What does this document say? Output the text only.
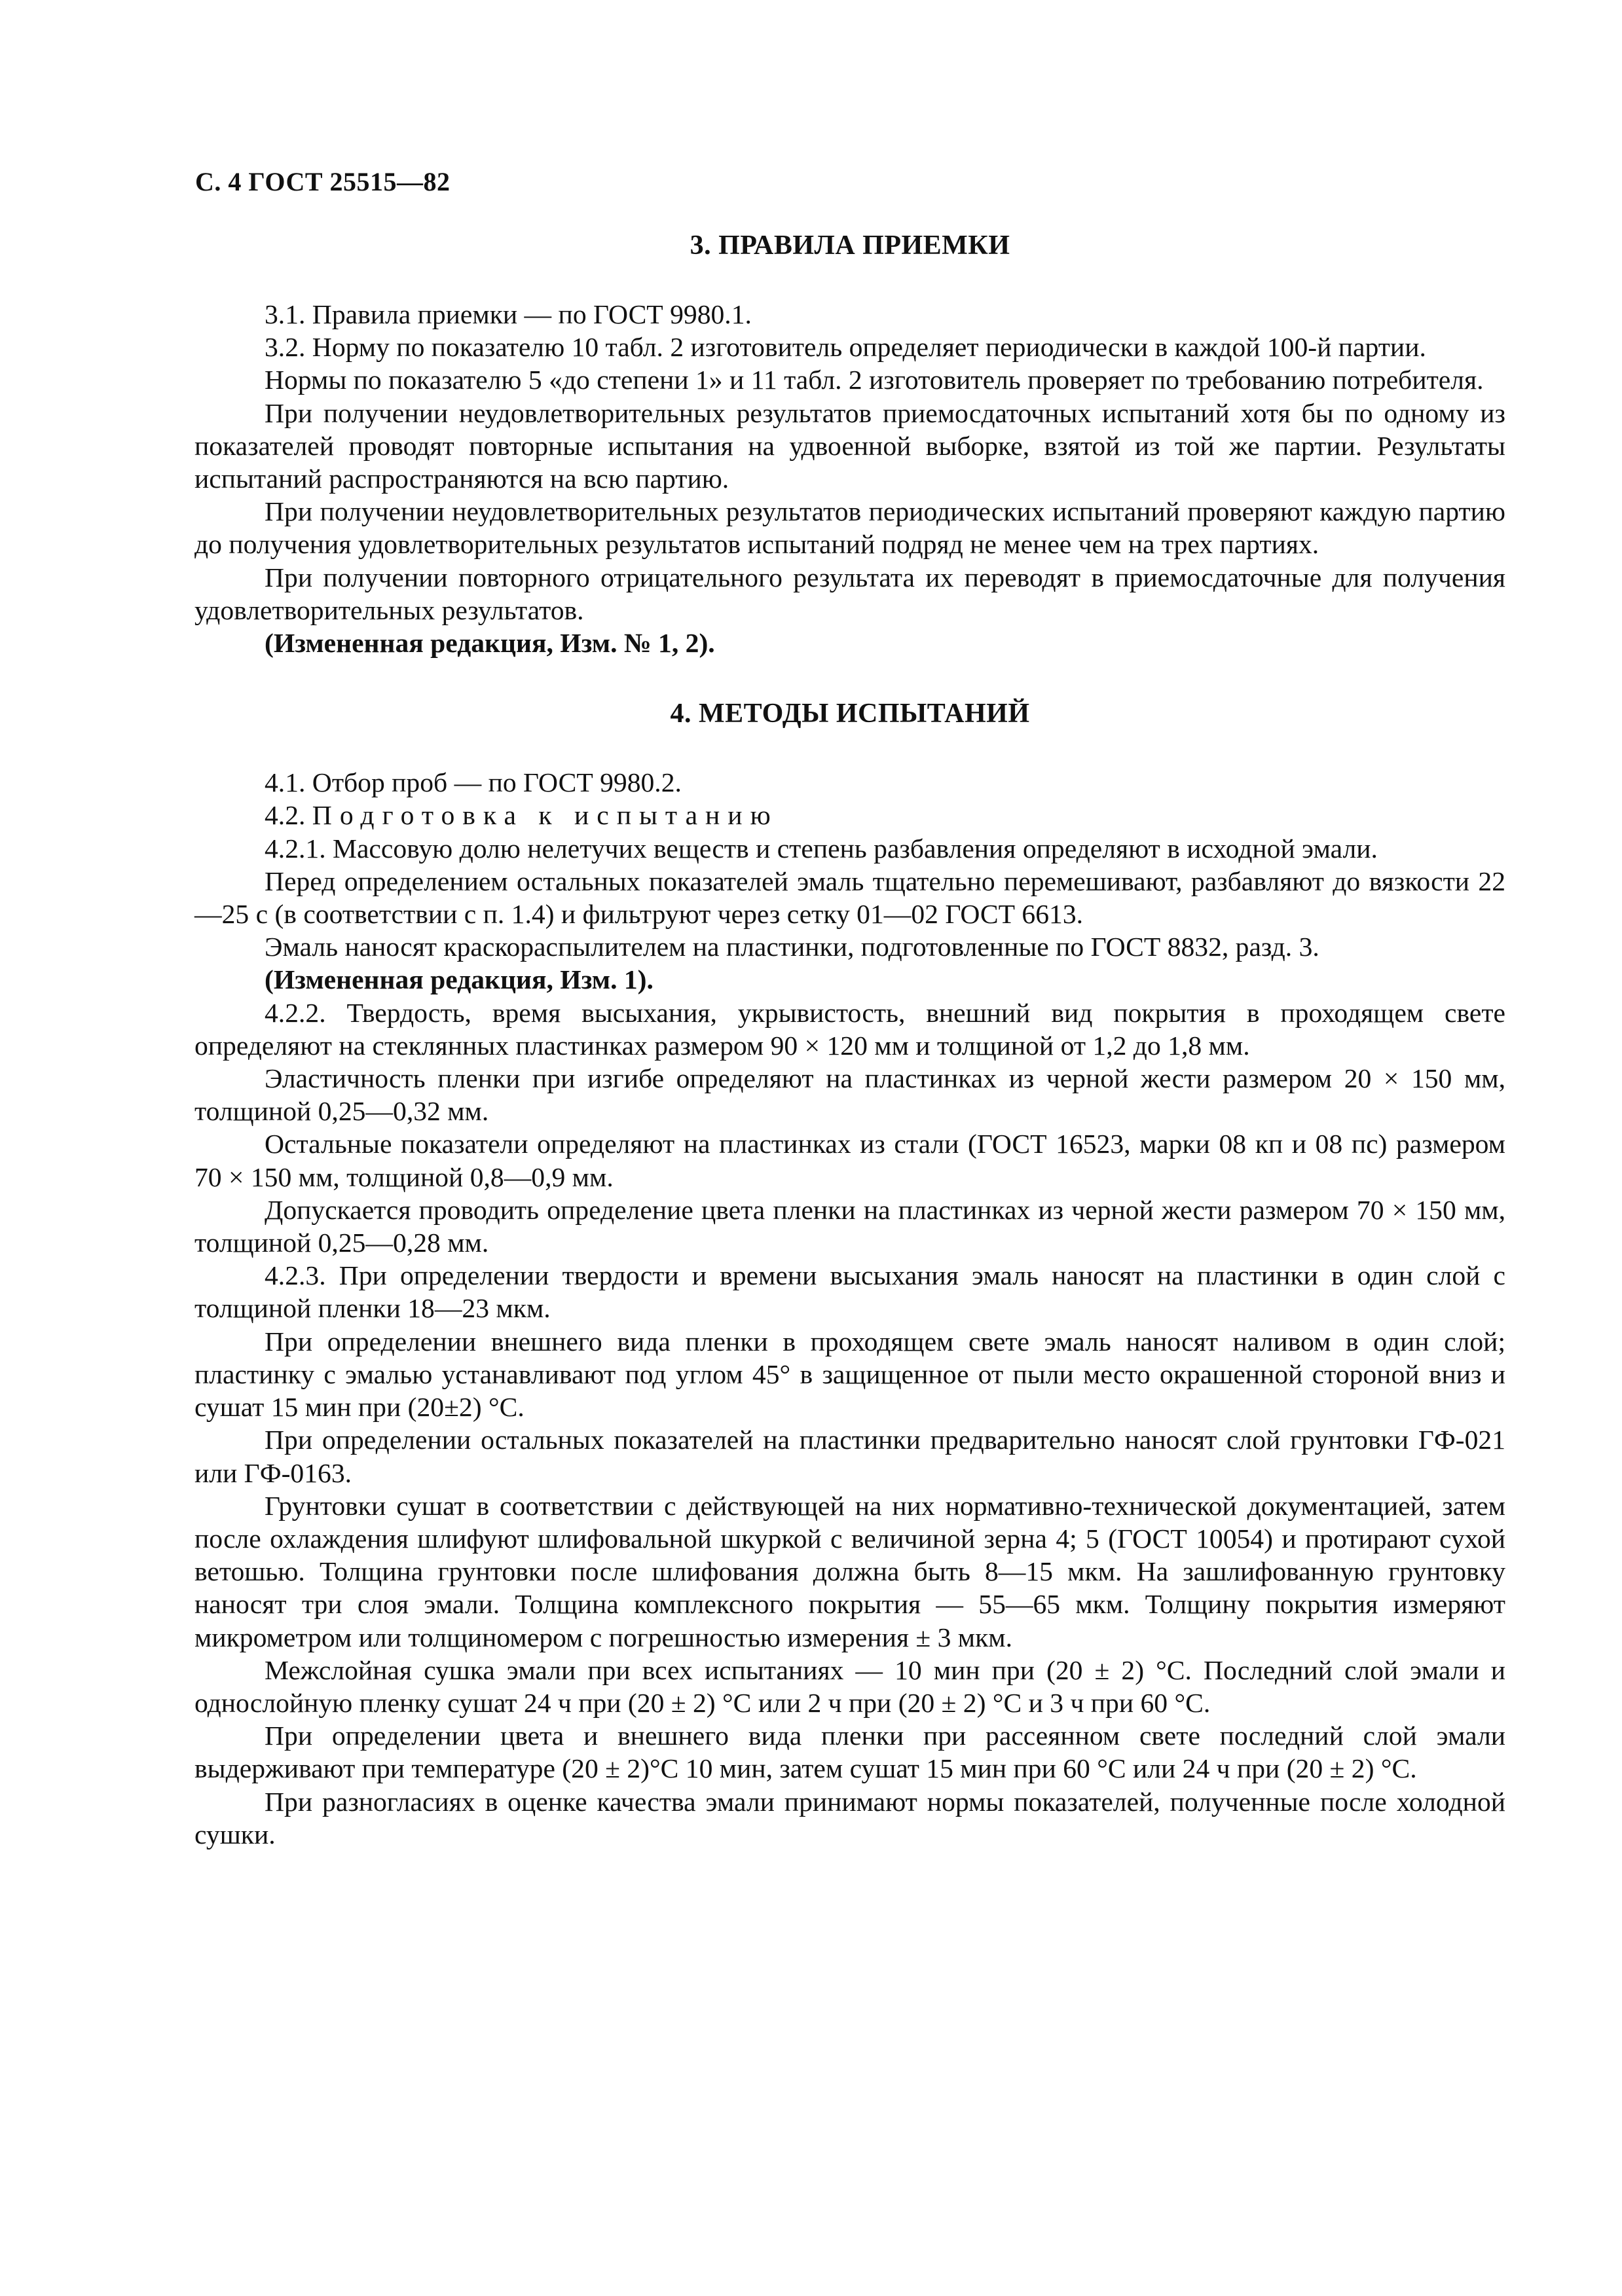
С. 4 ГОСТ 25515—82

3. ПРАВИЛА ПРИЕМКИ

3.1. Правила приемки — по ГОСТ 9980.1.

3.2. Норму по показателю 10 табл. 2 изготовитель определяет периодически в каждой 100-й партии.

Нормы по показателю 5 «до степени 1» и 11 табл. 2 изготовитель проверяет по требованию потребителя.

При получении неудовлетворительных результатов приемосдаточных испытаний хотя бы по одному из показателей проводят повторные испытания на удвоенной выборке, взятой из той же партии. Результаты испытаний распространяются на всю партию.

При получении неудовлетворительных результатов периодических испытаний проверяют каждую партию до получения удовлетворительных результатов испытаний подряд не менее чем на трех партиях.

При получении повторного отрицательного результата их переводят в приемосдаточные для получения удовлетворительных результатов.

(Измененная редакция, Изм. № 1, 2).

4. МЕТОДЫ ИСПЫТАНИЙ

4.1. Отбор проб — по ГОСТ 9980.2.

4.2. Подготовка к испытанию

4.2.1. Массовую долю нелетучих веществ и степень разбавления определяют в исходной эмали.

Перед определением остальных показателей эмаль тщательно перемешивают, разбавляют до вязкости 22—25 с (в соответствии с п. 1.4) и фильтруют через сетку 01—02 ГОСТ 6613.

Эмаль наносят краскораспылителем на пластинки, подготовленные по ГОСТ 8832, разд. 3.

(Измененная редакция, Изм. 1).

4.2.2. Твердость, время высыхания, укрывистость, внешний вид покрытия в проходящем свете определяют на стеклянных пластинках размером 90 × 120 мм и толщиной от 1,2 до 1,8 мм.

Эластичность пленки при изгибе определяют на пластинках из черной жести размером 20 × 150 мм, толщиной 0,25—0,32 мм.

Остальные показатели определяют на пластинках из стали (ГОСТ 16523, марки 08 кп и 08 пс) размером 70 × 150 мм, толщиной 0,8—0,9 мм.

Допускается проводить определение цвета пленки на пластинках из черной жести размером 70 × 150 мм, толщиной 0,25—0,28 мм.

4.2.3. При определении твердости и времени высыхания эмаль наносят на пластинки в один слой с толщиной пленки 18—23 мкм.

При определении внешнего вида пленки в проходящем свете эмаль наносят наливом в один слой; пластинку с эмалью устанавливают под углом 45° в защищенное от пыли место окрашенной стороной вниз и сушат 15 мин при (20±2) °С.

При определении остальных показателей на пластинки предварительно наносят слой грунтовки ГФ-021 или ГФ-0163.

Грунтовки сушат в соответствии с действующей на них нормативно-технической документацией, затем после охлаждения шлифуют шлифовальной шкуркой с величиной зерна 4; 5 (ГОСТ 10054) и протирают сухой ветошью. Толщина грунтовки после шлифования должна быть 8—15 мкм. На зашлифованную грунтовку наносят три слоя эмали. Толщина комплексного покрытия — 55—65 мкм. Толщину покрытия измеряют микрометром или толщиномером с погрешностью измерения ± 3 мкм.

Межслойная сушка эмали при всех испытаниях — 10 мин при (20 ± 2) °С. Последний слой эмали и однослойную пленку сушат 24 ч при (20 ± 2) °С или 2 ч при (20 ± 2) °С и 3 ч при 60 °С.

При определении цвета и внешнего вида пленки при рассеянном свете последний слой эмали выдерживают при температуре (20 ± 2)°С 10 мин, затем сушат 15 мин при 60 °С или 24 ч при (20 ± 2) °С.

При разногласиях в оценке качества эмали принимают нормы показателей, полученные после холодной сушки.
